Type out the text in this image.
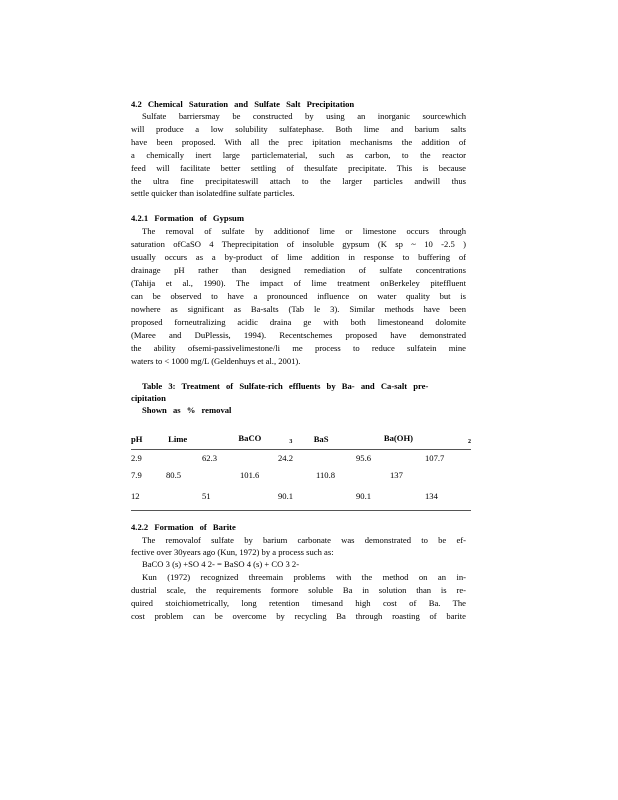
4.2 Chemical Saturation and Sulfate Salt Precipitation
Sulfate barriersmay be constructed by using an inorganic sourcewhich
will produce a low solubility sulfatephase. Both lime and barium salts
have been proposed. With all the prec ipitation mechanisms the addition of
a chemically inert large particlematerial, such as carbon, to the reactor
feed will facilitate better settling of thesulfate precipitate. This is because
the ultra fine precipitateswill attach to the larger particles andwill thus
settle quicker than isolatedfine sulfate particles.
4.2.1 Formation of Gypsum
The removal of sulfate by additionof lime or limestone occurs through
saturation ofCaSO 4 Theprecipitation of insoluble gypsum (K sp ~ 10 -2.5 )
usually occurs as a by-product of lime addition in response to buffering of
drainage pH rather than designed remediation of sulfate concentrations
(Tahija et al., 1990). The impact of lime treatment onBerkeley piteffluent
can be observed to have a pronounced influence on water quality but is
nowhere as significant as Ba-salts (Tab le 3). Similar methods have been
proposed forneutralizing acidic draina ge with both limestoneand dolomite
(Maree and DuPlessis, 1994). Recentschemes proposed have demonstrated
the ability ofsemi-passivelimestone/li me process to reduce sulfatein mine
waters to < 1000 mg/L (Geldenhuys et al., 2001).
Table 3: Treatment of Sulfate-rich effluents by Ba- and Ca-salt pre-
cipitation
Shown as % removal
pH	Lime	BaCO	$_3$	BaS	Ba(OH)	$_2$
2.9	62.3	24.2	95.6	107.7
7.9	80.5	101.6	110.8	137
12	51	90.1	90.1	134
4.2.2 Formation of Barite
The removalof sulfate by barium carbonate was demonstrated to be ef-
fective over 30years ago (Kun, 1972) by a process such as:
BaCO 3 (s) +SO 4 2- = BaSO 4 (s) + CO 3 2-
Kun (1972) recognized threemain problems with the method on an in-
dustrial scale, the requirements formore soluble Ba in solution than is re-
quired stoichiometrically, long retention timesand high cost of Ba. The
cost problem can be overcome by recycling Ba through roasting of barite
